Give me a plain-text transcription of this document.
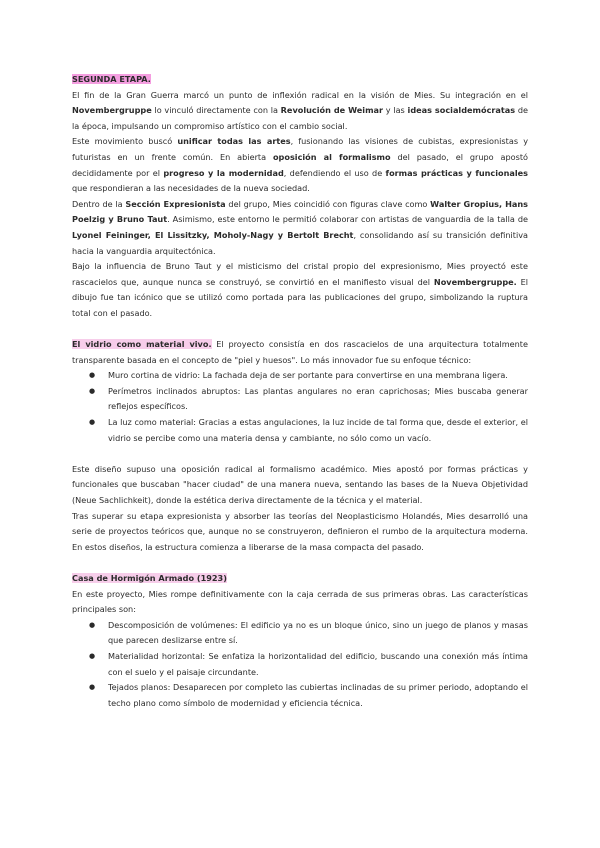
SEGUNDA ETAPA.

El fin de la Gran Guerra marcó un punto de inflexión radical en la visión de Mies. Su integración en el Novembergruppe lo vinculó directamente con la Revolución de Weimar y las ideas socialdemócratas de la época, impulsando un compromiso artístico con el cambio social.

Este movimiento buscó unificar todas las artes, fusionando las visiones de cubistas, expresionistas y futuristas en un frente común. En abierta oposición al formalismo del pasado, el grupo apostó decididamente por el progreso y la modernidad, defendiendo el uso de formas prácticas y funcionales que respondieran a las necesidades de la nueva sociedad.

Dentro de la Sección Expresionista del grupo, Mies coincidió con figuras clave como Walter Gropius, Hans Poelzig y Bruno Taut. Asimismo, este entorno le permitió colaborar con artistas de vanguardia de la talla de Lyonel Feininger, El Lissitzky, Moholy-Nagy y Bertolt Brecht, consolidando así su transición definitiva hacia la vanguardia arquitectónica.

Bajo la influencia de Bruno Taut y el misticismo del cristal propio del expresionismo, Mies proyectó este rascacielos que, aunque nunca se construyó, se convirtió en el manifiesto visual del Novembergruppe. El dibujo fue tan icónico que se utilizó como portada para las publicaciones del grupo, simbolizando la ruptura total con el pasado.

El vidrio como material vivo. El proyecto consistía en dos rascacielos de una arquitectura totalmente transparente basada en el concepto de "piel y huesos". Lo más innovador fue su enfoque técnico:

● Muro cortina de vidrio: La fachada deja de ser portante para convertirse en una membrana ligera.
● Perímetros inclinados abruptos: Las plantas angulares no eran caprichosas; Mies buscaba generar reflejos específicos.
● La luz como material: Gracias a estas angulaciones, la luz incide de tal forma que, desde el exterior, el vidrio se percibe como una materia densa y cambiante, no sólo como un vacío.

Este diseño supuso una oposición radical al formalismo académico. Mies apostó por formas prácticas y funcionales que buscaban "hacer ciudad" de una manera nueva, sentando las bases de la Nueva Objetividad (Neue Sachlichkeit), donde la estética deriva directamente de la técnica y el material.

Tras superar su etapa expresionista y absorber las teorías del Neoplasticismo Holandés, Mies desarrolló una serie de proyectos teóricos que, aunque no se construyeron, definieron el rumbo de la arquitectura moderna. En estos diseños, la estructura comienza a liberarse de la masa compacta del pasado.

Casa de Hormigón Armado (1923)

En este proyecto, Mies rompe definitivamente con la caja cerrada de sus primeras obras. Las características principales son:

● Descomposición de volúmenes: El edificio ya no es un bloque único, sino un juego de planos y masas que parecen deslizarse entre sí.
● Materialidad horizontal: Se enfatiza la horizontalidad del edificio, buscando una conexión más íntima con el suelo y el paisaje circundante.
● Tejados planos: Desaparecen por completo las cubiertas inclinadas de su primer periodo, adoptando el techo plano como símbolo de modernidad y eficiencia técnica.
